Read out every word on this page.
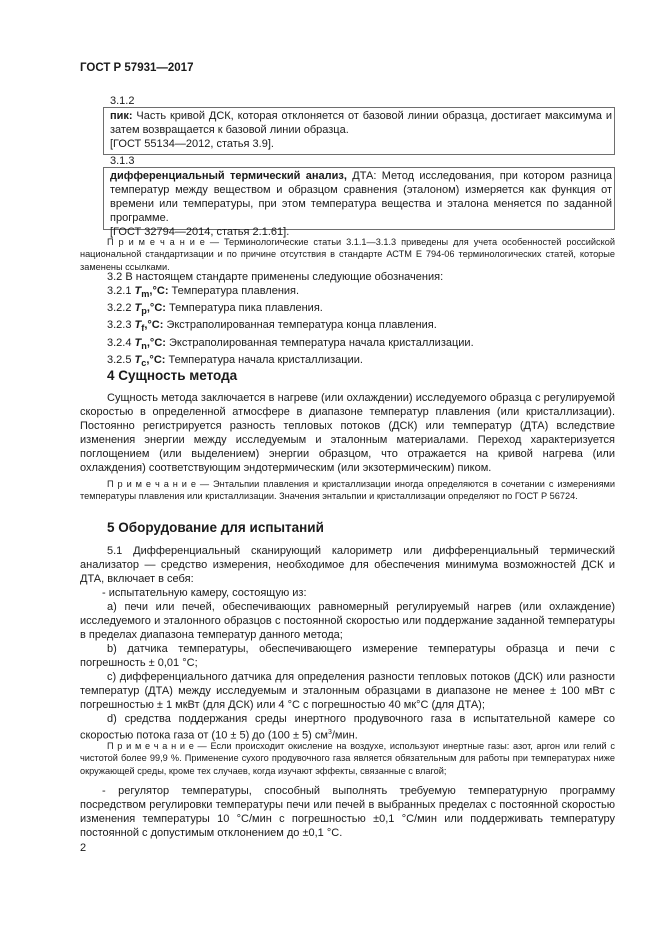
ГОСТ Р 57931—2017
3.1.2

пик: Часть кривой ДСК, которая отклоняется от базовой линии образца, достигает максимума и затем возвращается к базовой линии образца.

[ГОСТ 55134—2012, статья 3.9].

3.1.3

дифференциальный термический анализ, ДТА: Метод исследования, при котором разница температур между веществом и образцом сравнения (эталоном) измеряется как функция от времени или температуры, при этом температура вещества и эталона меняется по заданной программе.

[ГОСТ 32794—2014, статья 2.1.61].

П р и м е ч а н и е — Терминологические статьи 3.1.1—3.1.3 приведены для учета особенностей российской национальной стандартизации и по причине отсутствия в стандарте АСТМ Е 794-06 терминологических статей, которые заменены ссылками.

3.2 В настоящем стандарте применены следующие обозначения:
3.2.1 $T_m,^\circ C$: Температура плавления.
3.2.2 $T_p,^\circ C$: Температура пика плавления.
3.2.3 $T_f,^\circ C$: Экстраполированная температура конца плавления.
3.2.4 $T_n,^\circ C$: Экстраполированная температура начала кристаллизации.
3.2.5 $T_c,^\circ C$: Температура начала кристаллизации.
4 Сущность метода

Сущность метода заключается в нагреве (или охлаждении) исследуемого образца с регулируемой скоростью в определенной атмосфере в диапазоне температур плавления (или кристаллизации). Постоянно регистрируется разность тепловых потоков (ДСК) или температур (ДТА) вследствие изменения энергии между исследуемым и эталонным материалами. Переход характеризуется поглощением (или выделением) энергии образцом, что отражается на кривой нагрева (или охлаждения) соответствующим эндотермическим (или экзотермическим) пиком.

П р и м е ч а н и е — Энтальпии плавления и кристаллизации иногда определяются в сочетании с измерениями температуры плавления или кристаллизации. Значения энтальпии и кристаллизации определяют по ГОСТ Р 56724.

5 Оборудование для испытаний

5.1 Дифференциальный сканирующий калориметр или дифференциальный термический анализатор — средство измерения, необходимое для обеспечения минимума возможностей ДСК и ДТА, включает в себя:

- испытательную камеру, состоящую из:

а) печи или печей, обеспечивающих равномерный регулируемый нагрев (или охлаждение) исследуемого и эталонного образцов с постоянной скоростью или поддержание заданной температуры в пределах диапазона температур данного метода;

b) датчика температуры, обеспечивающего измерение температуры образца и печи с погрешность ± 0,01 °С;

с) дифференциального датчика для определения разности тепловых потоков (ДСК) или разности температур (ДТА) между исследуемым и эталонным образцами в диапазоне не менее ± 100 мВт с погрешностью ± 1 мкВт (для ДСК) или 4 °С с погрешностью 40 мк°С (для ДТА);

d) средства поддержания среды инертного продувочного газа в испытательной камере со скоростью потока газа от (10 ± 5) до (100 ± 5) $см^3$/мин.

П р и м е ч а н и е — Если происходит окисление на воздухе, используют инертные газы: азот, аргон или гелий с чистотой более 99,9 %. Применение сухого продувочного газа является обязательным для работы при температурах ниже окружающей среды, кроме тех случаев, когда изучают эффекты, связанные с влагой;

- регулятор температуры, способный выполнять требуемую температурную программу посредством регулировки температуры печи или печей в выбранных пределах с постоянной скоростью изменения температуры 10 °С/мин с погрешностью ±0,1 °С/мин или поддерживать температуру постоянной с допустимым отклонением до ±0,1 °С.

2
